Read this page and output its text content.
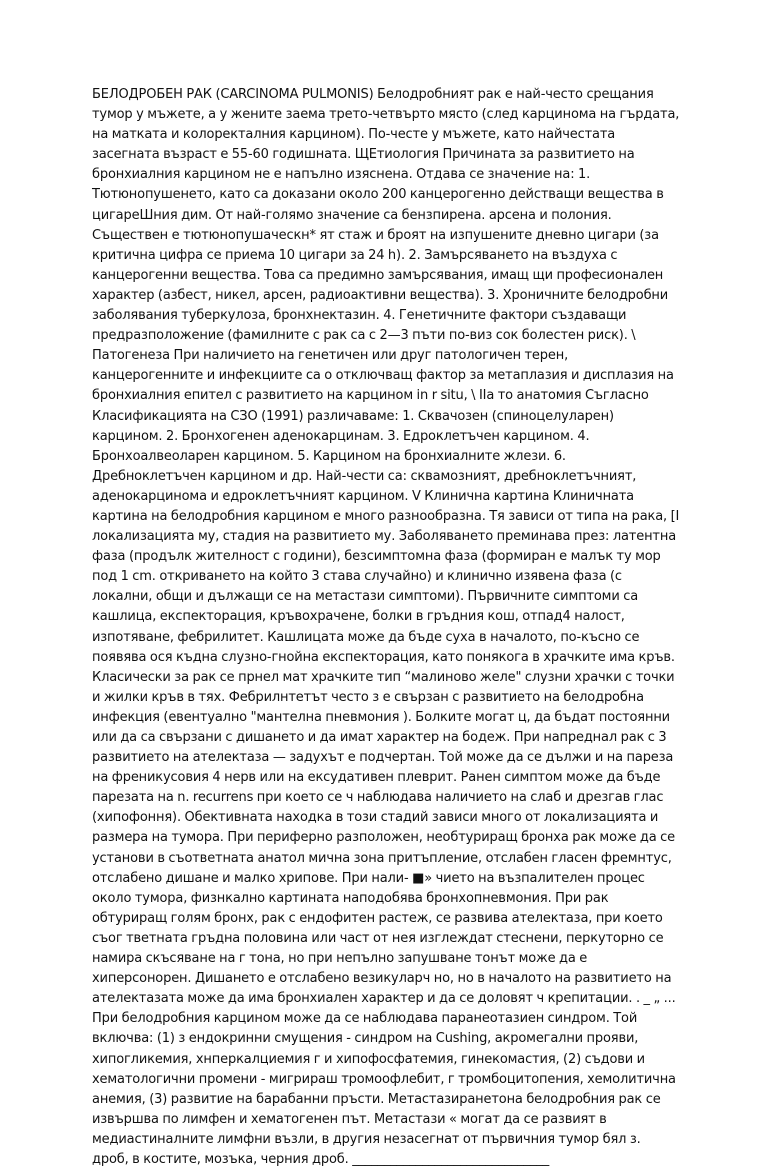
БЕЛОДРОБЕН РАК (CARCINOMA PULMONIS) Белодробният рак е най-често срещания тумор у мъжете, а у жените заема трето-четвърто място (след карцинома на гърдата, на матката и колоректалния карцином). По-честе у мъжете, като найчестата засегната възраст е 55-60 годишната. ЩЕтиология Причината за развитието на бронхиалния карцином не е напълно изяснена. Отдава се значение на: 1. Тютюнопушенето, като са доказани около 200 канцерогенно действащи вещества в цигареШния дим. От най-голямо значение са бензпирена. арсена и полония. Съществен е тютюнопушаческн* ят стаж и броят на изпушените дневно цигари (за критична цифра се приема 10 цигари за 24 h). 2. Замърсяването на въздуха с канцерогенни вещества. Това са предимно замърсявания, имащ щи професионален характер (азбест, никел, арсен, радиоактивни вещества). 3. Хроничните белодробни заболявания туберкулоза, бронхнектазин. 4. Генетичните фактори създаващи предразположение (фамилните с рак са с 2—3 пъти по-виз сок болестен риск). \ Патогенеза При наличието на генетичен или друг патологичен терен, канцерогенните и инфекциите са о отключващ фактор за метаплазия и дисплазия на бронхиалния епител с развитието на карцином in r situ, \ IIa то анатомия Съгласно Класификацията на СЗО (1991) различаваме: 1. Сквачозен (спиноцелуларен) карцином. 2. Бронхогенен аденокарцинам. 3. Едроклетъчен карцином. 4. Бронхоалвеоларен карцином. 5. Карцином на бронхиалните жлези. 6. Дребноклетъчен карцином и др. Най-чести са: сквамозният, дребноклетъчният, аденокарцинома и едроклетъчният карцином. V Клинична картина Клиничната картина на белодробния карцином е много разнообразна. Тя зависи от типа на рака, [I локализацията му, стадия на развитието му. Заболяването преминава през: латентна фаза (продълк жителност с години), безсимптомна фаза (формиран е малък ту мор под 1 cm. откриването на който 3 става случайно) и клинично изявена фаза (с локални, общи и дължащи се на метастази симптоми). Първичните симптоми са кашлица, експекторация, кръвохрачене, болки в гръдния кош, отпад4 налост, изпотяване, фебрилитет. Кашлицата може да бъде суха в началото, по-късно се появява ося къдна слузно-гнойна експекторация, като понякога в храчките има кръв. Класически за рак се прнел мат храчките тип “малиново желе" слузни храчки с точки и жилки кръв в тях. Фебрилнтетът често з е свързан с развитието на белодробна инфекция (евентуално "мантелна пневмония ). Болките могат ц, да бъдат постоянни или да са свързани с дишането и да имат характер на бодеж. При напреднал рак с 3 развитието на ателектаза — задухът е подчертан. Той може да се дължи и на пареза на френикусовия 4 нерв или на ексудативен плеврит. Ранен симптом може да бъде парезата на n. recurrens при което се ч наблюдава наличието на слаб и дрезгав глас (хипофоння). Обективната находка в този стадий зависи много от локализацията и размера на тумора. При периферно разположен, необтуриращ бронха рак може да се установи в съответната анатол мична зона притъпление, отслабен гласен фремнтус, отслабено дишане и малко хрипове. При нали- ■» чието на възпалителен процес около тумора, физнкално картината наподобява бронхопневмония. При рак обтуриращ голям бронх, рак с ендофитен растеж, се развива ателектаза, при което съог тветната гръдна половина или част от нея изглеждат стеснени, перкуторно се намира скъсяване на г тона, но при непълно запушване тонът може да е хиперсонорен. Дишането е отслабено везикуларч но, но в началото на развитието на ателектазата може да има бронхиален характер и да се доловят ч крепитации. . _ „ ... При белодробния карцином може да се наблюдава паранеотазиен синдром. Той включва: (1) з ендокринни смущения - синдром на Cushing, акромегални прояви, хипогликемия, хнперкалциемия г и хипофосфатемия, гинекомастия, (2) съдови и хематологични промени - мигрираш тромоофлебит, г тромбоцитопения, хемолитична анемия, (3) развитие на барабанни пръсти. Метастазиранетона белодробния рак се извършва по лимфен и хематогенен път. Метастази « могат да се развият в медиастиналните лимфни възли, в другия незасегнат от първичния тумор бял з. дроб, в костите, мозъка, черния дроб. _______________________________
